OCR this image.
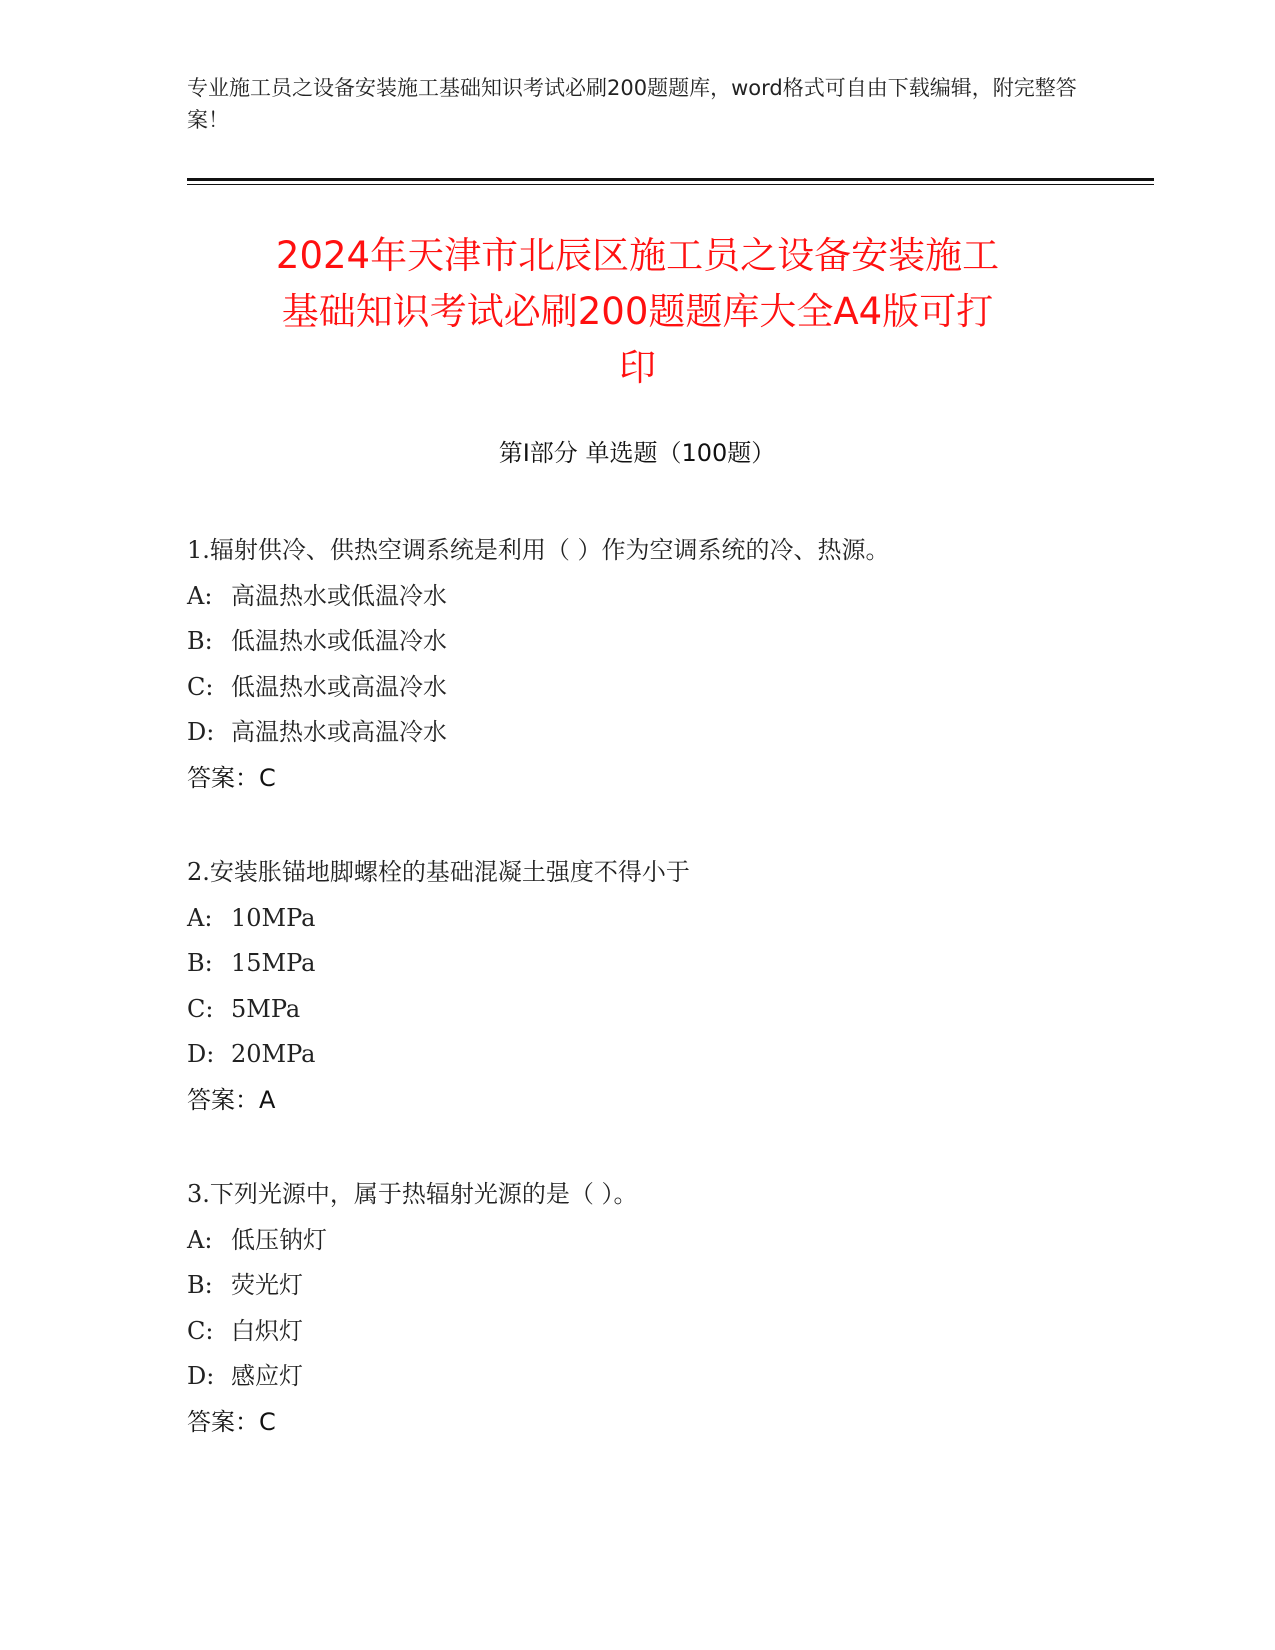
专业施工员之设备安装施工基础知识考试必刷200题题库，word格式可自由下载编辑，附完整答案！
2024年天津市北辰区施工员之设备安装施工
基础知识考试必刷200题题库大全A4版可打
印
第Ⅰ部分 单选题（100题）
1.辐射供冷、供热空调系统是利用（ ）作为空调系统的冷、热源。
A: 高温热水或低温冷水
B: 低温热水或低温冷水
C: 低温热水或高温冷水
D: 高温热水或高温冷水
答案：C
2.安装胀锚地脚螺栓的基础混凝土强度不得小于
A: 10MPa
B: 15MPa
C: 5MPa
D: 20MPa
答案：A
3.下列光源中，属于热辐射光源的是（ ）。
A: 低压钠灯
B: 荧光灯
C: 白炽灯
D: 感应灯
答案：C
